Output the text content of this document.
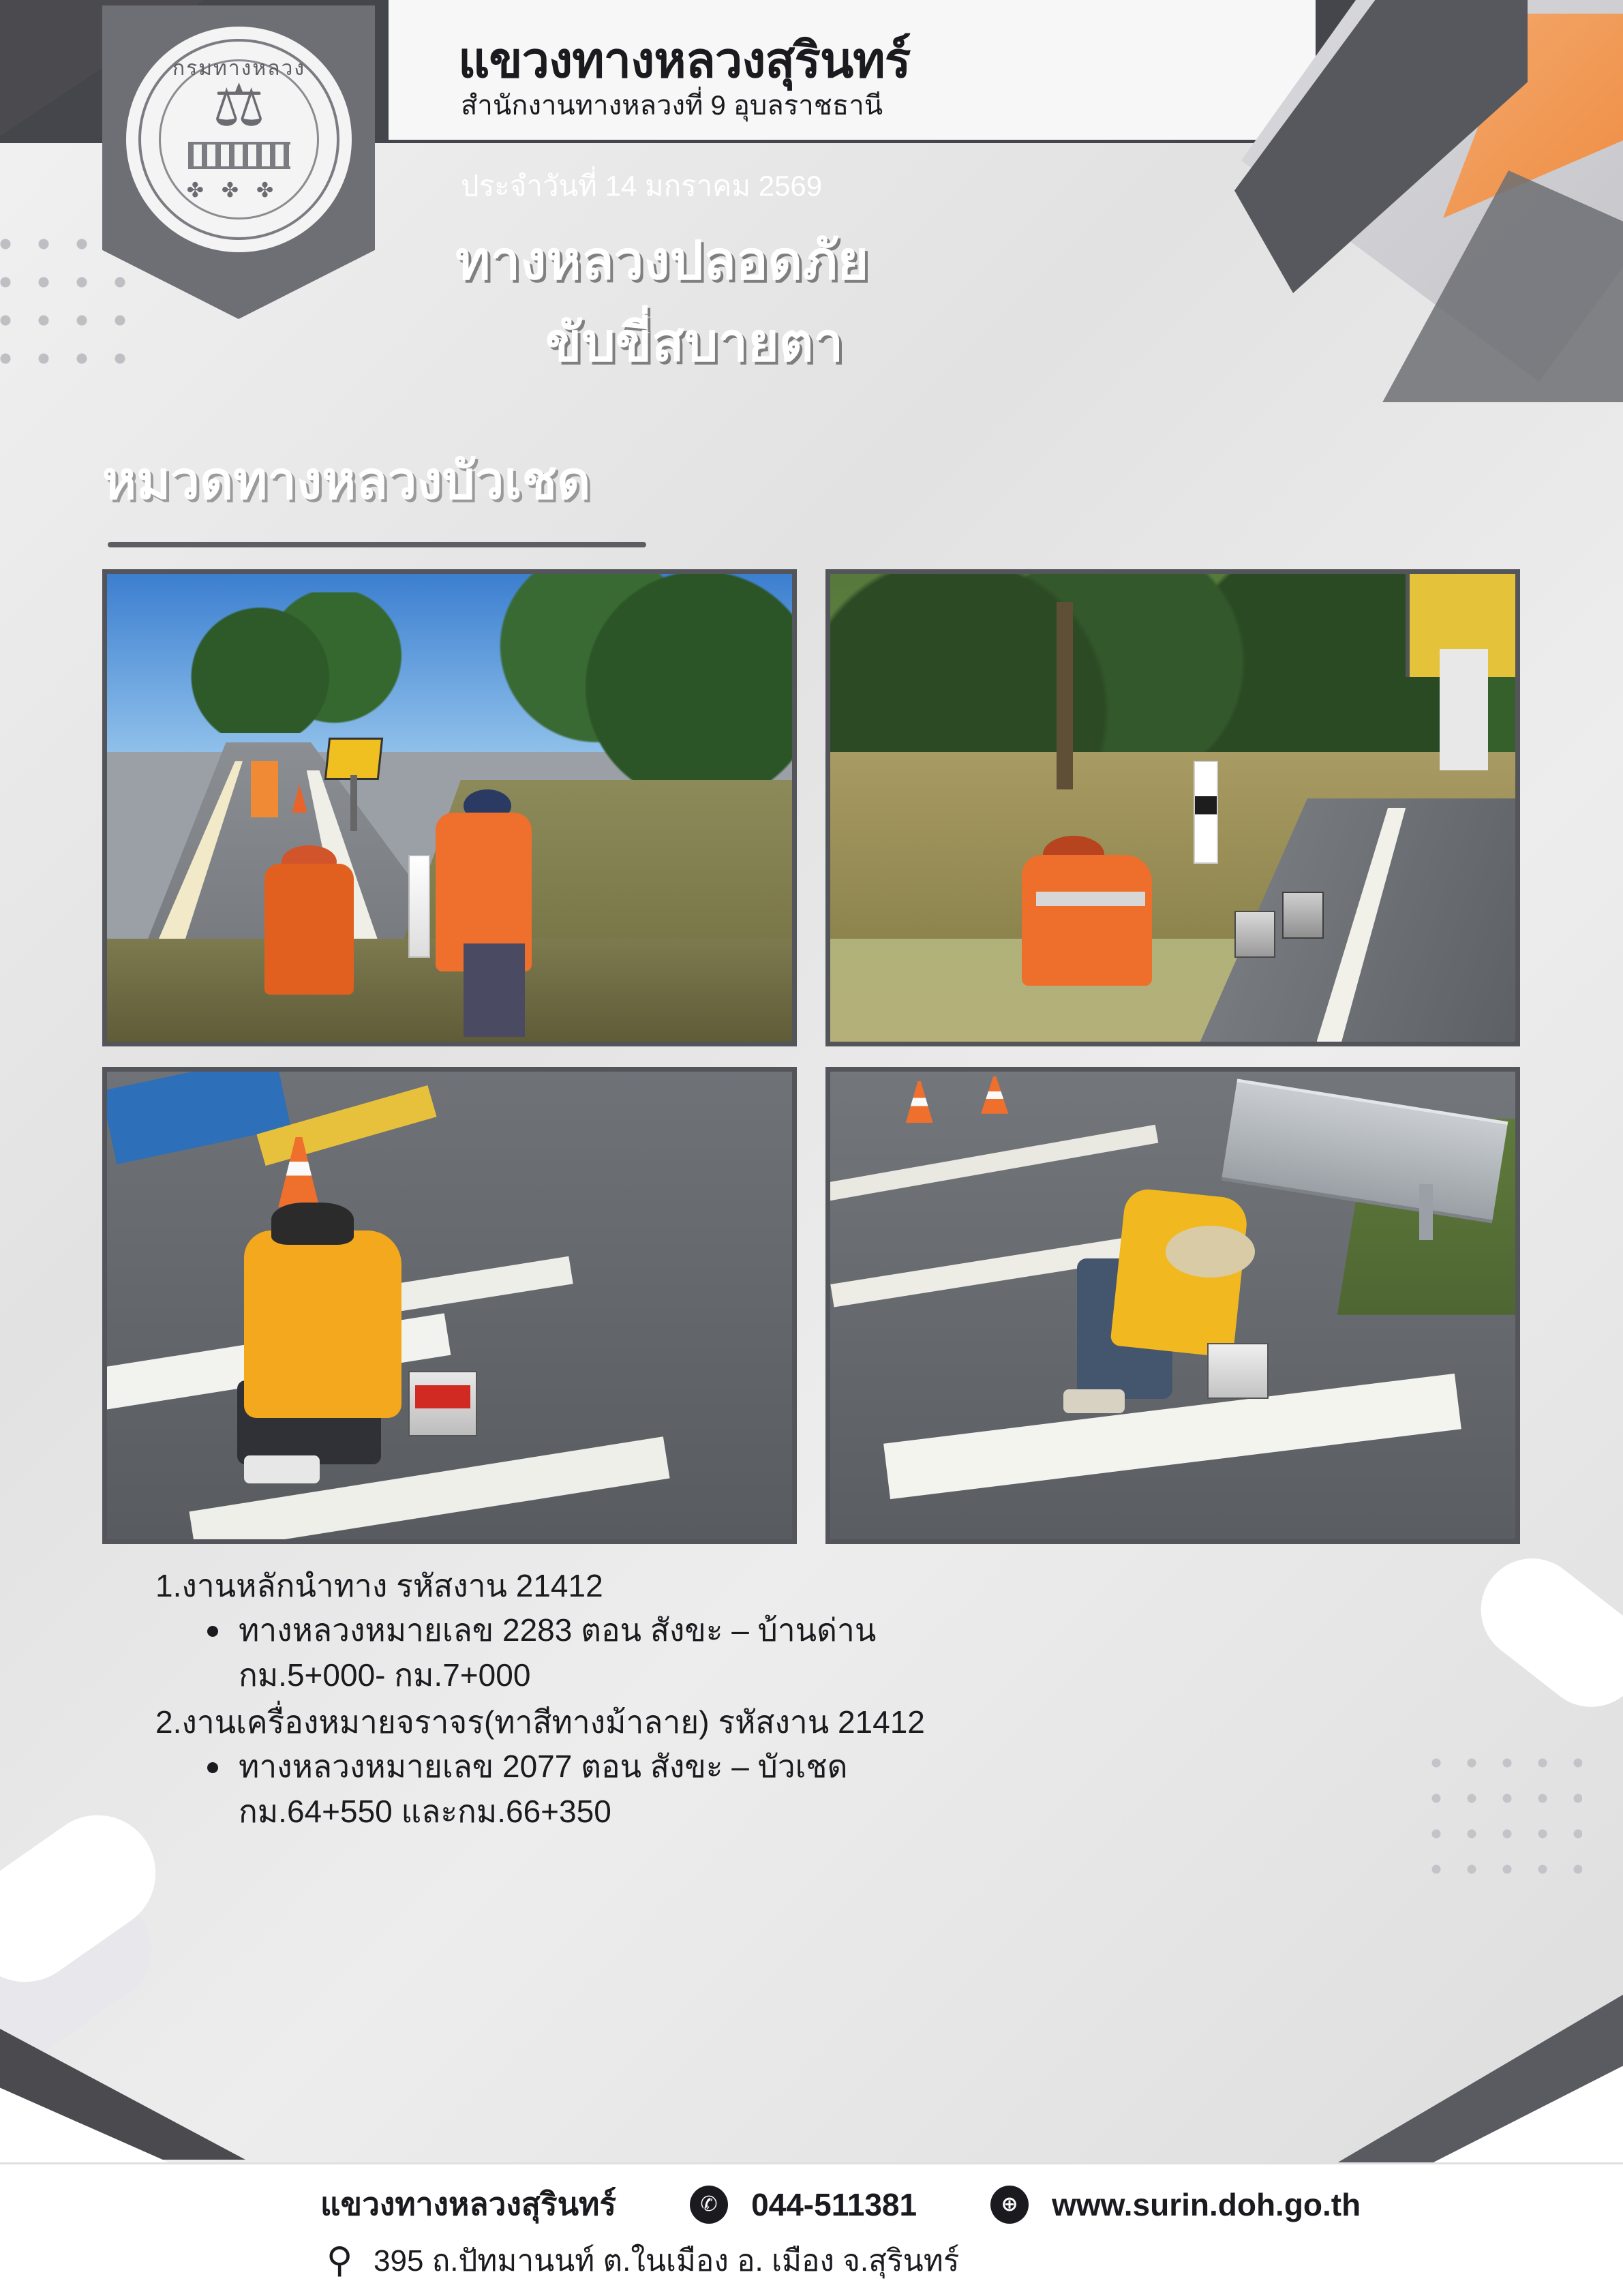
กรมทางหลวง
⚖
✤✤✤
แขวงทางหลวงสุรินทร์
สำนักงานทางหลวงที่ 9 อุบลราชธานี
ประจำวันที่ 14 มกราคม 2569
ทางหลวงปลอดภัย
ขับขี่สบายตา
หมวดทางหลวงบัวเชด
1.งานหลักนำทาง รหัสงาน 21412
ทางหลวงหมายเลข 2283 ตอน สังขะ – บ้านด่าน
กม.5+000- กม.7+000
2.งานเครื่องหมายจราจร(ทาสีทางม้าลาย) รหัสงาน 21412
ทางหลวงหมายเลข 2077 ตอน สังขะ – บัวเชด
กม.64+550 และกม.66+350
แขวงทางหลวงสุรินทร์	✆	044-511381	⊕	www.surin.doh.go.th
⚲ 395 ถ.ปัทมานนท์ ต.ในเมือง อ. เมือง จ.สุรินทร์
